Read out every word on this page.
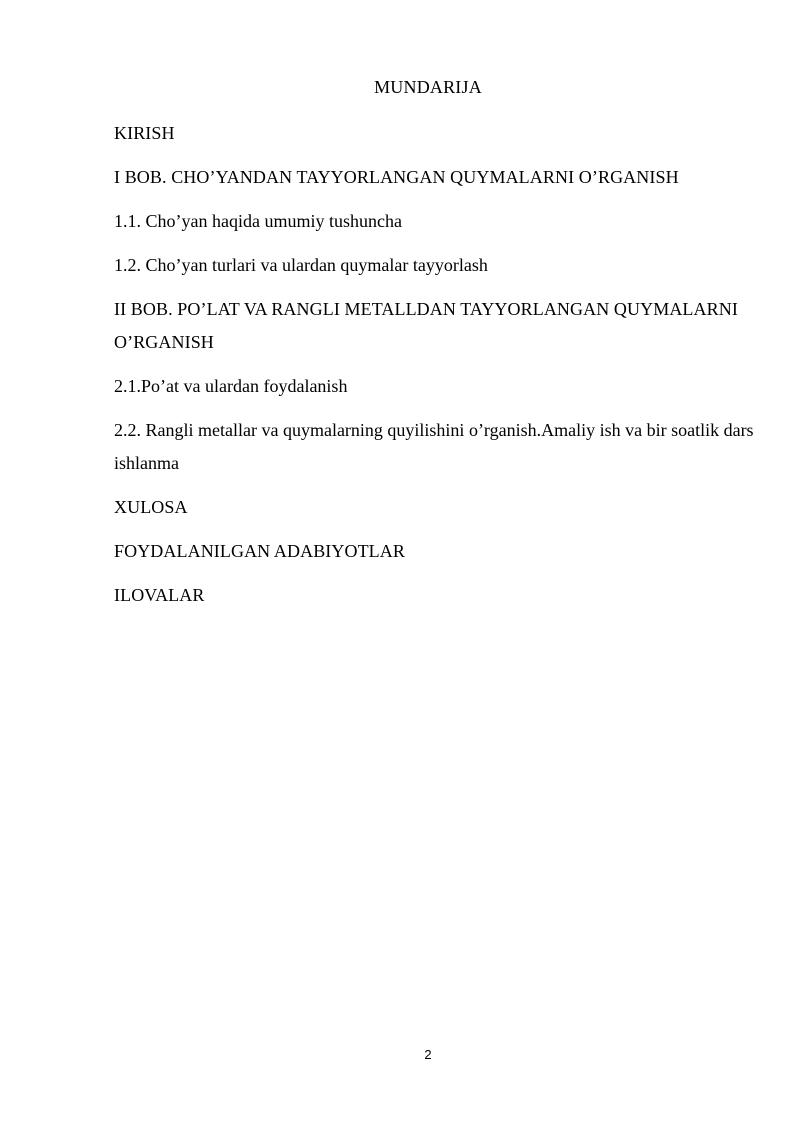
MUNDARIJA
KIRISH
I BOB. CHO’YANDAN TAYYORLANGAN QUYMALARNI O’RGANISH
1.1. Cho’yan haqida umumiy tushuncha
1.2. Cho’yan turlari va ulardan quymalar tayyorlash
II BOB. PO’LAT VA RANGLI METALLDAN TAYYORLANGAN QUYMALARNI O’RGANISH
2.1.Po’at va ulardan foydalanish
2.2. Rangli metallar va quymalarning quyilishini o’rganish.Amaliy ish va bir soatlik dars ishlanma
XULOSA
FOYDALANILGAN ADABIYOTLAR
ILOVALAR
2
